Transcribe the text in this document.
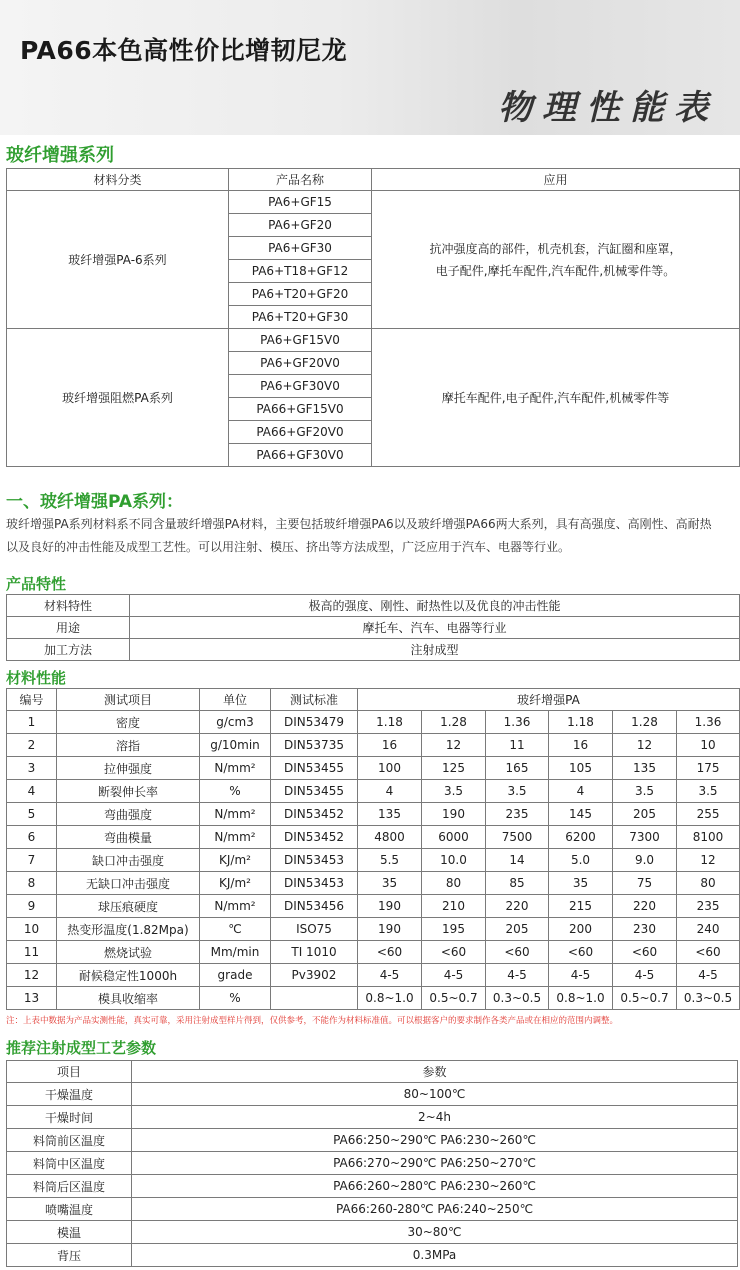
PA66本色高性价比增韧尼龙
物理性能表
玻纤增强系列
材料分类	产品名称	应用
玻纤增强PA-6系列	PA6+GF15	抗冲强度高的部件，机壳机套，汽缸圈和座罩，
电子配件,摩托车配件,汽车配件,机械零件等。

	PA6+GF20	
	PA6+GF30	
	PA6+T18+GF12	
	PA6+T20+GF20	
	PA6+T20+GF30	
玻纤增强阻燃PA系列	PA6+GF15V0	摩托车配件,电子配件,汽车配件,机械零件等

	PA6+GF20V0	
	PA6+GF30V0	
	PA66+GF15V0	
	PA66+GF20V0	
	PA66+GF30V0	
一、玻纤增强PA系列：

玻纤增强PA系列材料系不同含量玻纤增强PA材料，主要包括玻纤增强PA6以及玻纤增强PA66两大系列，具有高强度、高刚性、高耐热

以及良好的冲击性能及成型工艺性。可以用注射、模压、挤出等方法成型，广泛应用于汽车、电器等行业。

产品特性
材料特性	极高的强度、刚性、耐热性以及优良的冲击性能
用途	摩托车、汽车、电器等行业
加工方法	注射成型
材料性能
编号	测试项目	单位	测试标准	玻纤增强PA					
1	密度	g/cm3	DIN53479	1.18	1.28	1.36	1.18	1.28	1.36
2	溶指	g/10min	DIN53735	16	12	11	16	12	10
3	拉伸强度	N/mm²	DIN53455	100	125	165	105	135	175
4	断裂伸长率	%	DIN53455	4	3.5	3.5	4	3.5	3.5
5	弯曲强度	N/mm²	DIN53452	135	190	235	145	205	255
6	弯曲模量	N/mm²	DIN53452	4800	6000	7500	6200	7300	8100
7	缺口冲击强度	KJ/m²	DIN53453	5.5	10.0	14	5.0	9.0	12
8	无缺口冲击强度	KJ/m²	DIN53453	35	80	85	35	75	80
9	球压痕硬度	N/mm²	DIN53456	190	210	220	215	220	235
10	热变形温度(1.82Mpa)	℃	ISO75	190	195	205	200	230	240
11	燃烧试验	Mm/min	TI 1010	<60	<60	<60	<60	<60	<60
12	耐候稳定性1000h	grade	Pv3902	4-5	4-5	4-5	4-5	4-5	4-5
13	模具收缩率	%		0.8~1.0	0.5~0.7	0.3~0.5	0.8~1.0	0.5~0.7	0.3~0.5
注：上表中数据为产品实测性能，真实可靠，采用注射成型样片得到，仅供参考，不能作为材料标准值。可以根据客户的要求制作各类产品或在相应的范围内调整。
推荐注射成型工艺参数
项目	参数
干燥温度	80~100℃
干燥时间	2~4h
料筒前区温度	PA66:250~290℃ PA6:230~260℃
料筒中区温度	PA66:270~290℃ PA6:250~270℃
料筒后区温度	PA66:260~280℃ PA6:230~260℃
喷嘴温度	PA66:260-280℃ PA6:240~250℃
模温	30~80℃
背压	0.3MPa
